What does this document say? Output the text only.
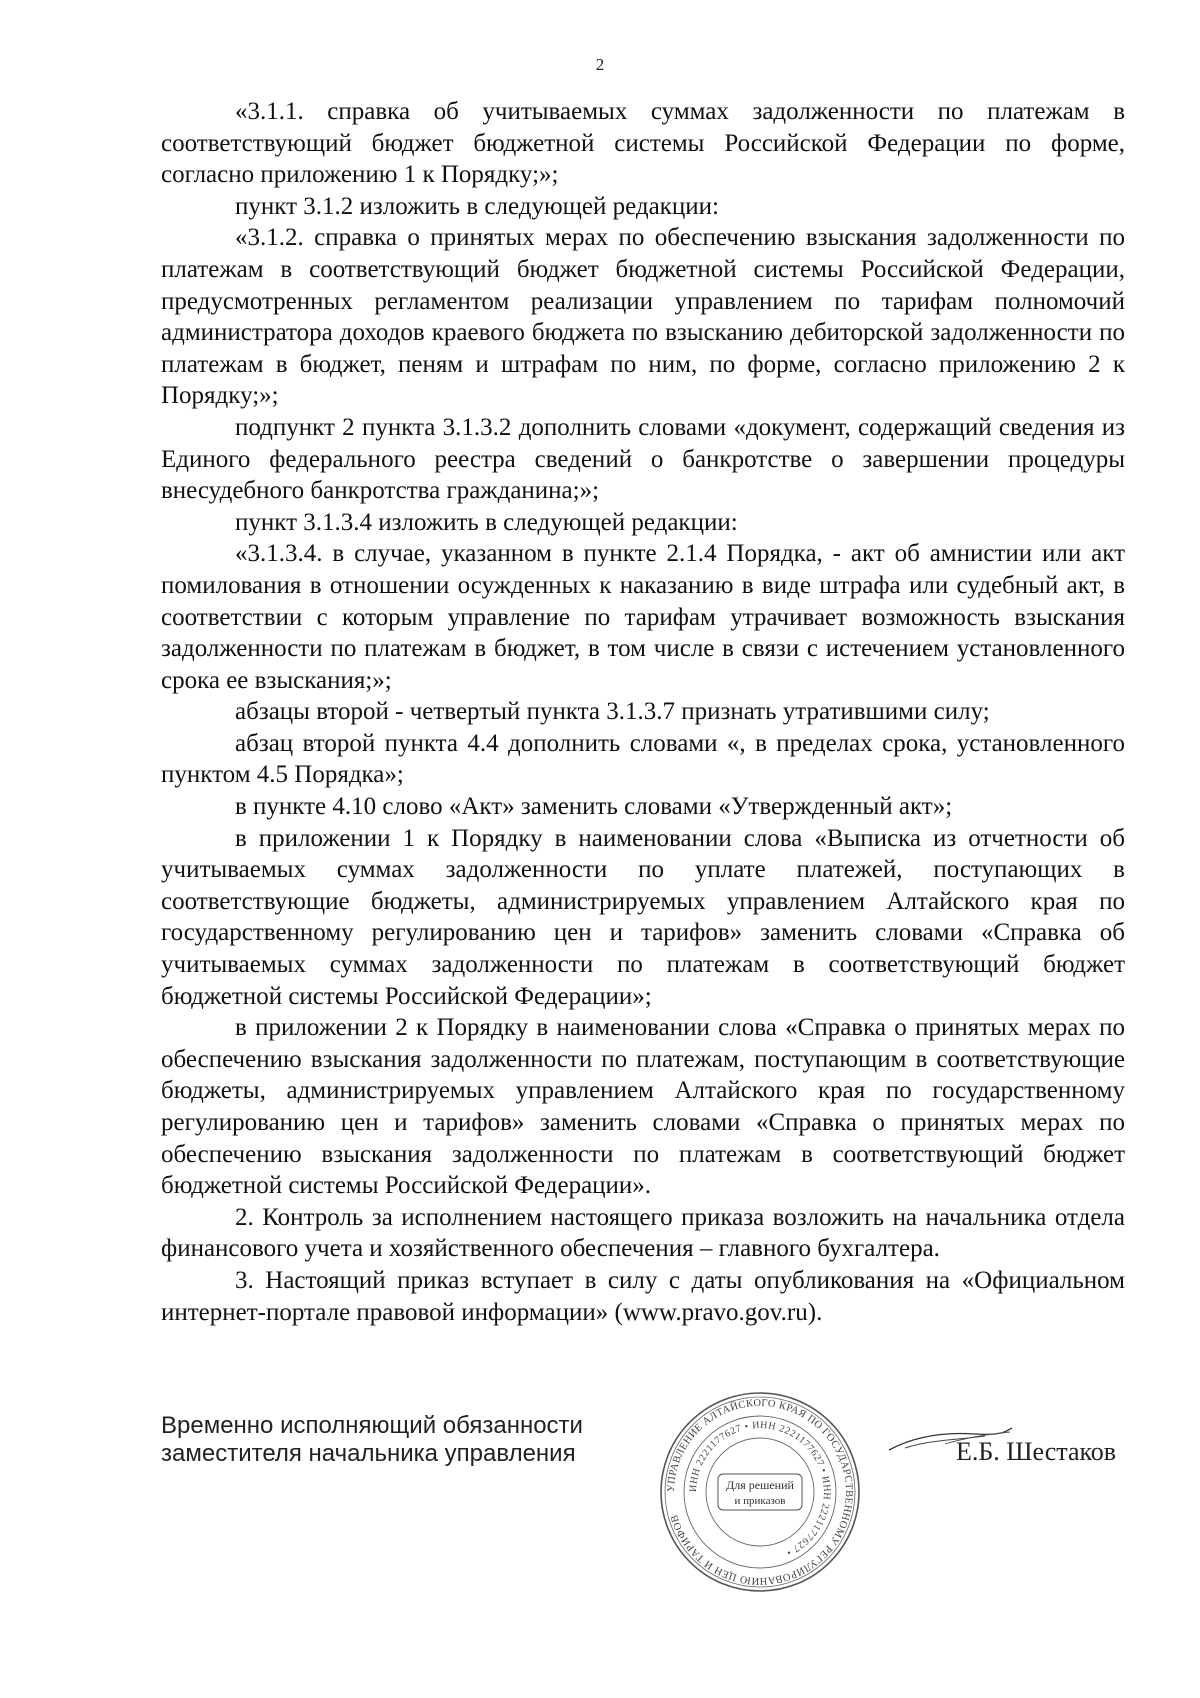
2

«3.1.1. справка об учитываемых суммах задолженности по платежам в соответствующий бюджет бюджетной системы Российской Федерации по форме, согласно приложению 1 к Порядку;»;

пункт 3.1.2 изложить в следующей редакции:

«3.1.2. справка о принятых мерах по обеспечению взыскания задолженности по платежам в соответствующий бюджет бюджетной системы Российской Федерации, предусмотренных регламентом реализации управлением по тарифам полномочий администратора доходов краевого бюджета по взысканию дебиторской задолженности по платежам в бюджет, пеням и штрафам по ним, по форме, согласно приложению 2 к Порядку;»;

подпункт 2 пункта 3.1.3.2 дополнить словами «документ, содержащий сведения из Единого федерального реестра сведений о банкротстве о завершении процедуры внесудебного банкротства гражданина;»;

пункт 3.1.3.4 изложить в следующей редакции:

«3.1.3.4. в случае, указанном в пункте 2.1.4 Порядка, - акт об амнистии или акт помилования в отношении осужденных к наказанию в виде штрафа или судебный акт, в соответствии с которым управление по тарифам утрачивает возможность взыскания задолженности по платежам в бюджет, в том числе в связи с истечением установленного срока ее взыскания;»;

абзацы второй - четвертый пункта 3.1.3.7 признать утратившими силу;

абзац второй пункта 4.4 дополнить словами «, в пределах срока, установленного пунктом 4.5 Порядка»;

в пункте 4.10 слово «Акт» заменить словами «Утвержденный акт»;

в приложении 1 к Порядку в наименовании слова «Выписка из отчетности об учитываемых суммах задолженности по уплате платежей, поступающих в соответствующие бюджеты, администрируемых управлением Алтайского края по государственному регулированию цен и тарифов» заменить словами «Справка об учитываемых суммах задолженности по платежам в соответствующий бюджет бюджетной системы Российской Федерации»;

в приложении 2 к Порядку в наименовании слова «Справка о принятых мерах по обеспечению взыскания задолженности по платежам, поступающим в соответствующие бюджеты, администрируемых управлением Алтайского края по государственному регулированию цен и тарифов» заменить словами «Справка о принятых мерах по обеспечению взыскания задолженности по платежам в соответствующий бюджет бюджетной системы Российской Федерации».

2. Контроль за исполнением настоящего приказа возложить на начальника отдела финансового учета и хозяйственного обеспечения – главного бухгалтера.

3. Настоящий приказ вступает в силу с даты опубликования на «Официальном интернет-портале правовой информации» (www.pravo.gov.ru).

Временно исполняющий обязанности
заместителя начальника управления	Е.Б. Шестаков
УПРАВЛЕНИЕ АЛТАЙСКОГО КРАЯ ПО ГОСУДАРСТВЕННОМУ РЕГУЛИРОВАНИЮ ЦЕН И ТАРИФОВ
ИНН 2221177627 • ИНН 2221177627 • ИНН 2221177627 •
Для решений
и приказов
